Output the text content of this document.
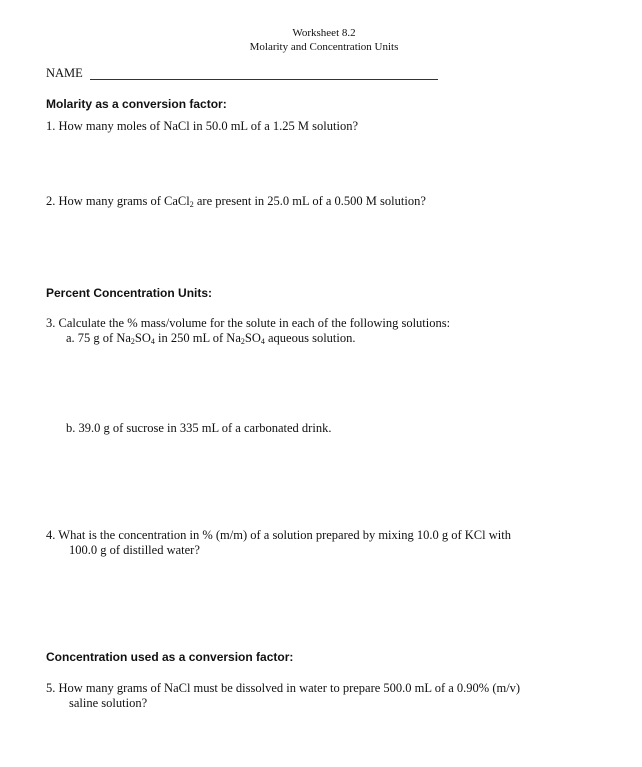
Worksheet 8.2
Molarity and Concentration Units
NAME
Molarity as a conversion factor:
1. How many moles of NaCl in 50.0 mL of a 1.25 M solution?
2. How many grams of CaCl$_2$ are present in 25.0 mL of a 0.500 M solution?
Percent Concentration Units:
3. Calculate the % mass/volume for the solute in each of the following solutions:
a. 75 g of $Na_2SO_4$ in 250 mL of $Na_2SO_4$ aqueous solution.
b. 39.0 g of sucrose in 335 mL of a carbonated drink.
4. What is the concentration in % (m/m) of a solution prepared by mixing 10.0 g of KCl with
100.0 g of distilled water?
Concentration used as a conversion factor:
5. How many grams of NaCl must be dissolved in water to prepare 500.0 mL of a 0.90% (m/v)
saline solution?
